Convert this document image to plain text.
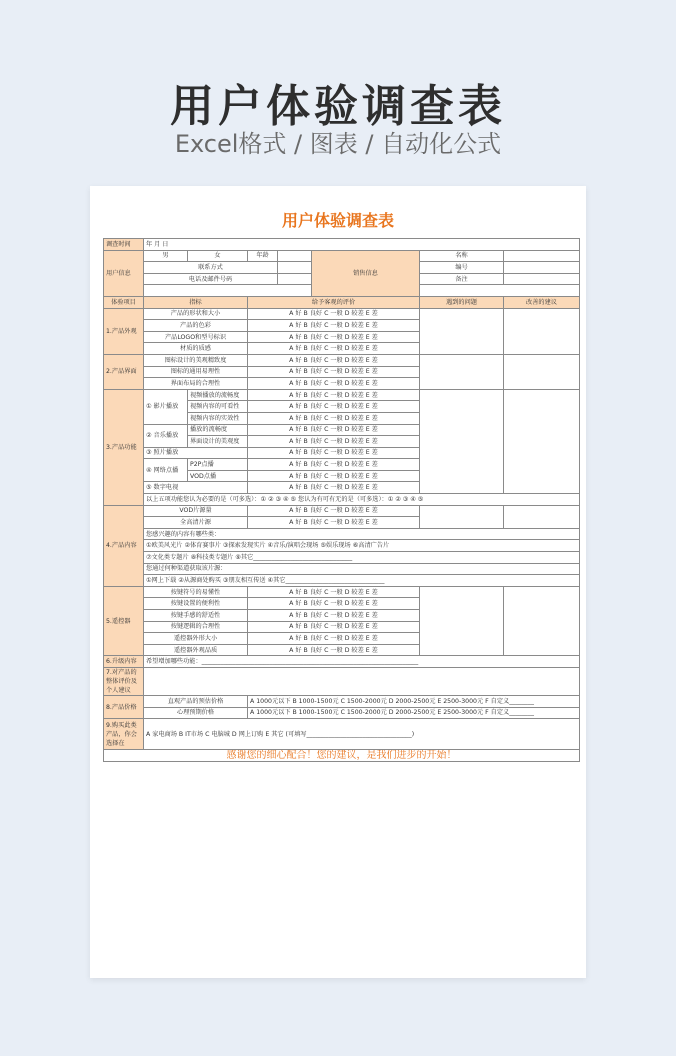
用户体验调查表
Excel格式 / 图表 / 自动化公式
用户体验调查表
调查时间	年 月 日						
用户信息	男	女	年龄		销售信息	名称	
	联系方式					编号	
	电话及邮件号码					备注	

体验项目	指标		给予客观的评价			遇到的问题	改善的建议
1.产品外观	产品的形状和大小		A 好 B 良好 C 一般 D 较差 E 差				
	产品的色彩		A 好 B 良好 C 一般 D 较差 E 差				
	产品LOGO和型号标识		A 好 B 良好 C 一般 D 较差 E 差				
	材质的质感		A 好 B 良好 C 一般 D 较差 E 差				
2.产品界面	图标设计的美观精致度		A 好 B 良好 C 一般 D 较差 E 差				
	图标的通用易理性		A 好 B 良好 C 一般 D 较差 E 差				
	界面布局的合理性		A 好 B 良好 C 一般 D 较差 E 差				
3.产品功能	① 影片播放	视频播放的流畅度	A 好 B 良好 C 一般 D 较差 E 差				
		视频内容的可看性	A 好 B 良好 C 一般 D 较差 E 差				
		视频内容的实效性	A 好 B 良好 C 一般 D 较差 E 差				
	② 音乐播放	播放的流畅度	A 好 B 良好 C 一般 D 较差 E 差				
		界面设计的美观度	A 好 B 良好 C 一般 D 较差 E 差				
	③ 照片播放		A 好 B 良好 C 一般 D 较差 E 差				
	④ 网络点播	P2P点播	A 好 B 良好 C 一般 D 较差 E 差				
		VOD点播	A 好 B 良好 C 一般 D 较差 E 差				
	⑤ 数字电视		A 好 B 良好 C 一般 D 较差 E 差				
	以上五项功能您认为必要的是（可多选）：① ② ③ ④ ⑤ 您认为有可有无的是（可多选）：① ② ③ ④ ⑤						
4.产品内容	VOD片源量		A 好 B 良好 C 一般 D 较差 E 差				
	全高清片源		A 好 B 良好 C 一般 D 较差 E 差				
	您感兴趣的内容有哪些类：						
	①欧美风光片 ②体育赛事片 ③探索发现实片 ④音乐/演唱会现场 ⑤娱乐现场 ⑥高清广告片						
	⑦文化类专题片 ⑧科技类专题片 ⑨其它________________________________						
	您通过何种渠道获取该片源：						
	①网上下载 ②从源商处购买 ③朋友相互传送 ④其它________________________________						
5.遥控器	按键符号的易懂性		A 好 B 良好 C 一般 D 较差 E 差				
	按键设置的便利性		A 好 B 良好 C 一般 D 较差 E 差				
	按键手感的舒适性		A 好 B 良好 C 一般 D 较差 E 差				
	按键逻辑的合理性		A 好 B 良好 C 一般 D 较差 E 差				
	遥控器外形大小		A 好 B 良好 C 一般 D 较差 E 差				
	遥控器外观品质		A 好 B 良好 C 一般 D 较差 E 差				
6.升级内容	希望增加哪些功能：______________________________________________________________________						
7.对产品的整体评价及个人建议							
8.产品价格	直观产品的预估价格		A 1000元以下 B 1000-1500元 C 1500-2000元 D 2000-2500元 E 2500-3000元 F 自定义________				
	心理预期价格		A 1000元以下 B 1000-1500元 C 1500-2000元 D 2000-2500元 E 2500-3000元 F 自定义________				
9.购买此类产品，你会选择在	A 家电商场 B IT市场 C 电脑城 D 网上订购 E 其它 (可填写__________________________________)						
感谢您的细心配合！您的建议，是我们进步的开始！							
